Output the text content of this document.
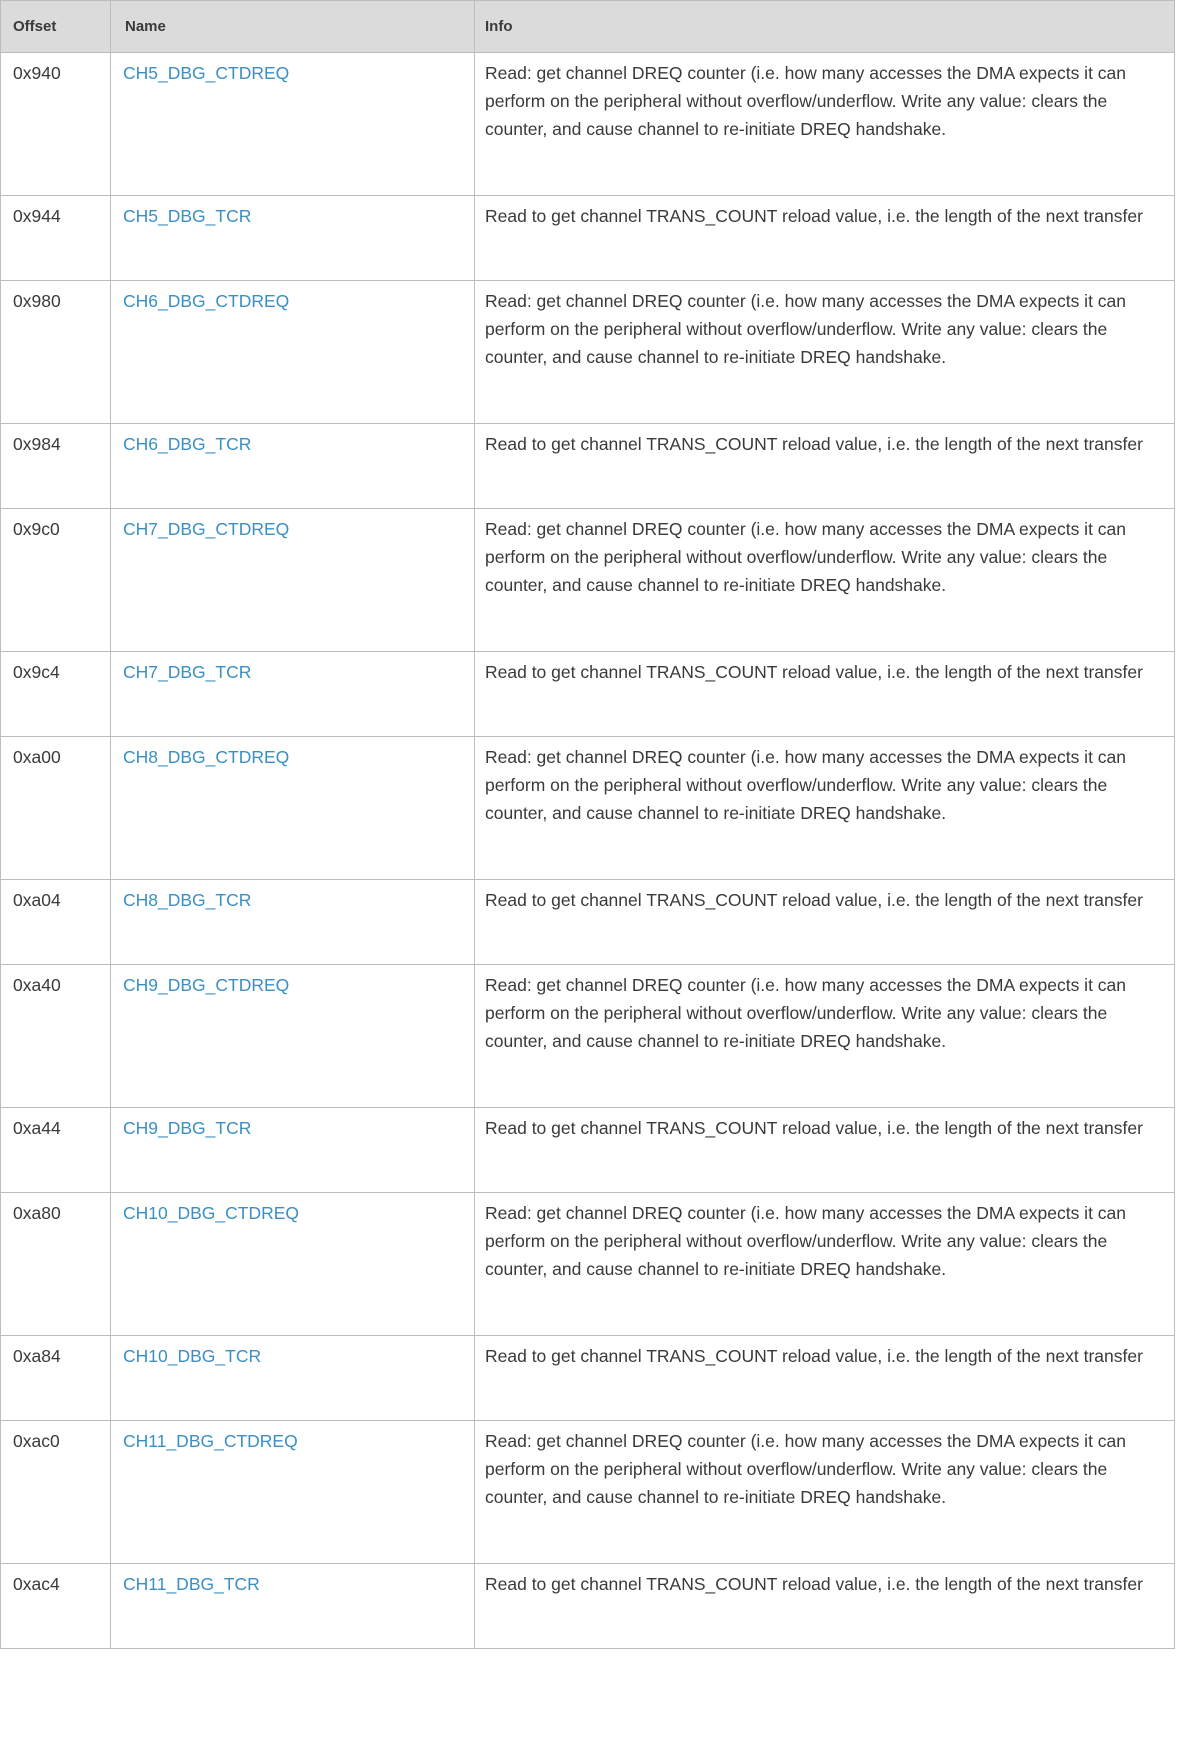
Offset	Name	Info
0x940	CH5_DBG_CTDREQ	Read: get channel DREQ counter (i.e. how many accesses the DMA expects it can perform on the peripheral without overflow/underflow. Write any value: clears the counter, and cause channel to re-initiate DREQ handshake.
0x944	CH5_DBG_TCR	Read to get channel TRANS_COUNT reload value, i.e. the length of the next transfer
0x980	CH6_DBG_CTDREQ	Read: get channel DREQ counter (i.e. how many accesses the DMA expects it can perform on the peripheral without overflow/underflow. Write any value: clears the counter, and cause channel to re-initiate DREQ handshake.
0x984	CH6_DBG_TCR	Read to get channel TRANS_COUNT reload value, i.e. the length of the next transfer
0x9c0	CH7_DBG_CTDREQ	Read: get channel DREQ counter (i.e. how many accesses the DMA expects it can perform on the peripheral without overflow/underflow. Write any value: clears the counter, and cause channel to re-initiate DREQ handshake.
0x9c4	CH7_DBG_TCR	Read to get channel TRANS_COUNT reload value, i.e. the length of the next transfer
0xa00	CH8_DBG_CTDREQ	Read: get channel DREQ counter (i.e. how many accesses the DMA expects it can perform on the peripheral without overflow/underflow. Write any value: clears the counter, and cause channel to re-initiate DREQ handshake.
0xa04	CH8_DBG_TCR	Read to get channel TRANS_COUNT reload value, i.e. the length of the next transfer
0xa40	CH9_DBG_CTDREQ	Read: get channel DREQ counter (i.e. how many accesses the DMA expects it can perform on the peripheral without overflow/underflow. Write any value: clears the counter, and cause channel to re-initiate DREQ handshake.
0xa44	CH9_DBG_TCR	Read to get channel TRANS_COUNT reload value, i.e. the length of the next transfer
0xa80	CH10_DBG_CTDREQ	Read: get channel DREQ counter (i.e. how many accesses the DMA expects it can perform on the peripheral without overflow/underflow. Write any value: clears the counter, and cause channel to re-initiate DREQ handshake.
0xa84	CH10_DBG_TCR	Read to get channel TRANS_COUNT reload value, i.e. the length of the next transfer
0xac0	CH11_DBG_CTDREQ	Read: get channel DREQ counter (i.e. how many accesses the DMA expects it can perform on the peripheral without overflow/underflow. Write any value: clears the counter, and cause channel to re-initiate DREQ handshake.
0xac4	CH11_DBG_TCR	Read to get channel TRANS_COUNT reload value, i.e. the length of the next transfer
